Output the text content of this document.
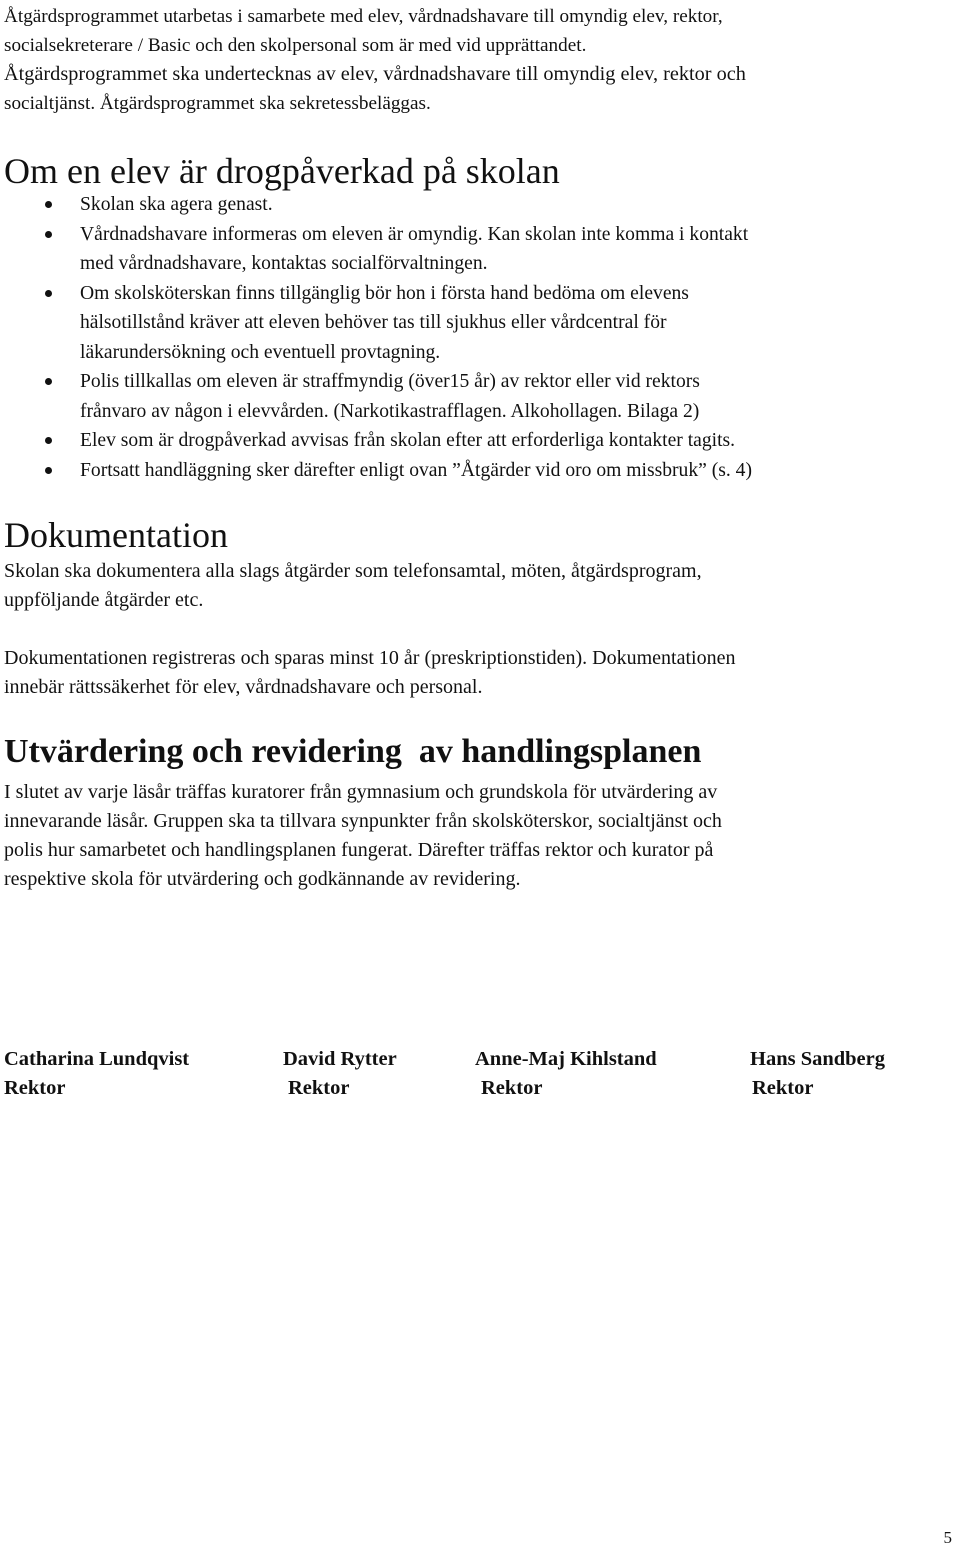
Åtgärdsprogrammet utarbetas i samarbete med elev, vårdnadshavare till omyndig elev, rektor,

socialsekreterare / Basic och den skolpersonal som är med vid upprättandet.

Åtgärdsprogrammet ska undertecknas av elev, vårdnadshavare till omyndig elev, rektor och

socialtjänst. Åtgärdsprogrammet ska sekretessbeläggas.

Om en elev är drogpåverkad på skolan
Skolan ska agera genast.
Vårdnadshavare informeras om eleven är omyndig. Kan skolan inte komma i kontakt
med vårdnadshavare, kontaktas socialförvaltningen.
Om skolsköterskan finns tillgänglig bör hon i första hand bedöma om elevens
hälsotillstånd kräver att eleven behöver tas till sjukhus eller vårdcentral för
läkarundersökning och eventuell provtagning.
Polis tillkallas om eleven är straffmyndig (över15 år) av rektor eller vid rektors
frånvaro av någon i elevvården. (Narkotikastrafflagen. Alkohollagen. Bilaga 2)
Elev som är drogpåverkad avvisas från skolan efter att erforderliga kontakter tagits.
Fortsatt handläggning sker därefter enligt ovan ”Åtgärder vid oro om missbruk” (s. 4)
Dokumentation

Skolan ska dokumentera alla slags åtgärder som telefonsamtal, möten, åtgärdsprogram,

uppföljande åtgärder etc.

Dokumentationen registreras och sparas minst 10 år (preskriptionstiden). Dokumentationen

innebär rättssäkerhet för elev, vårdnadshavare och personal.

Utvärdering och revidering  av handlingsplanen

I slutet av varje läsår träffas kuratorer från gymnasium och grundskola för utvärdering av

innevarande läsår. Gruppen ska ta tillvara synpunkter från skolsköterskor, socialtjänst och

polis hur samarbetet och handlingsplanen fungerat. Därefter träffas rektor och kurator på

respektive skola för utvärdering och godkännande av revidering.

Catharina Lundqvist
Rektor
David Rytter
Rektor
Anne-Maj Kihlstand
Rektor
Hans Sandberg
Rektor
5
